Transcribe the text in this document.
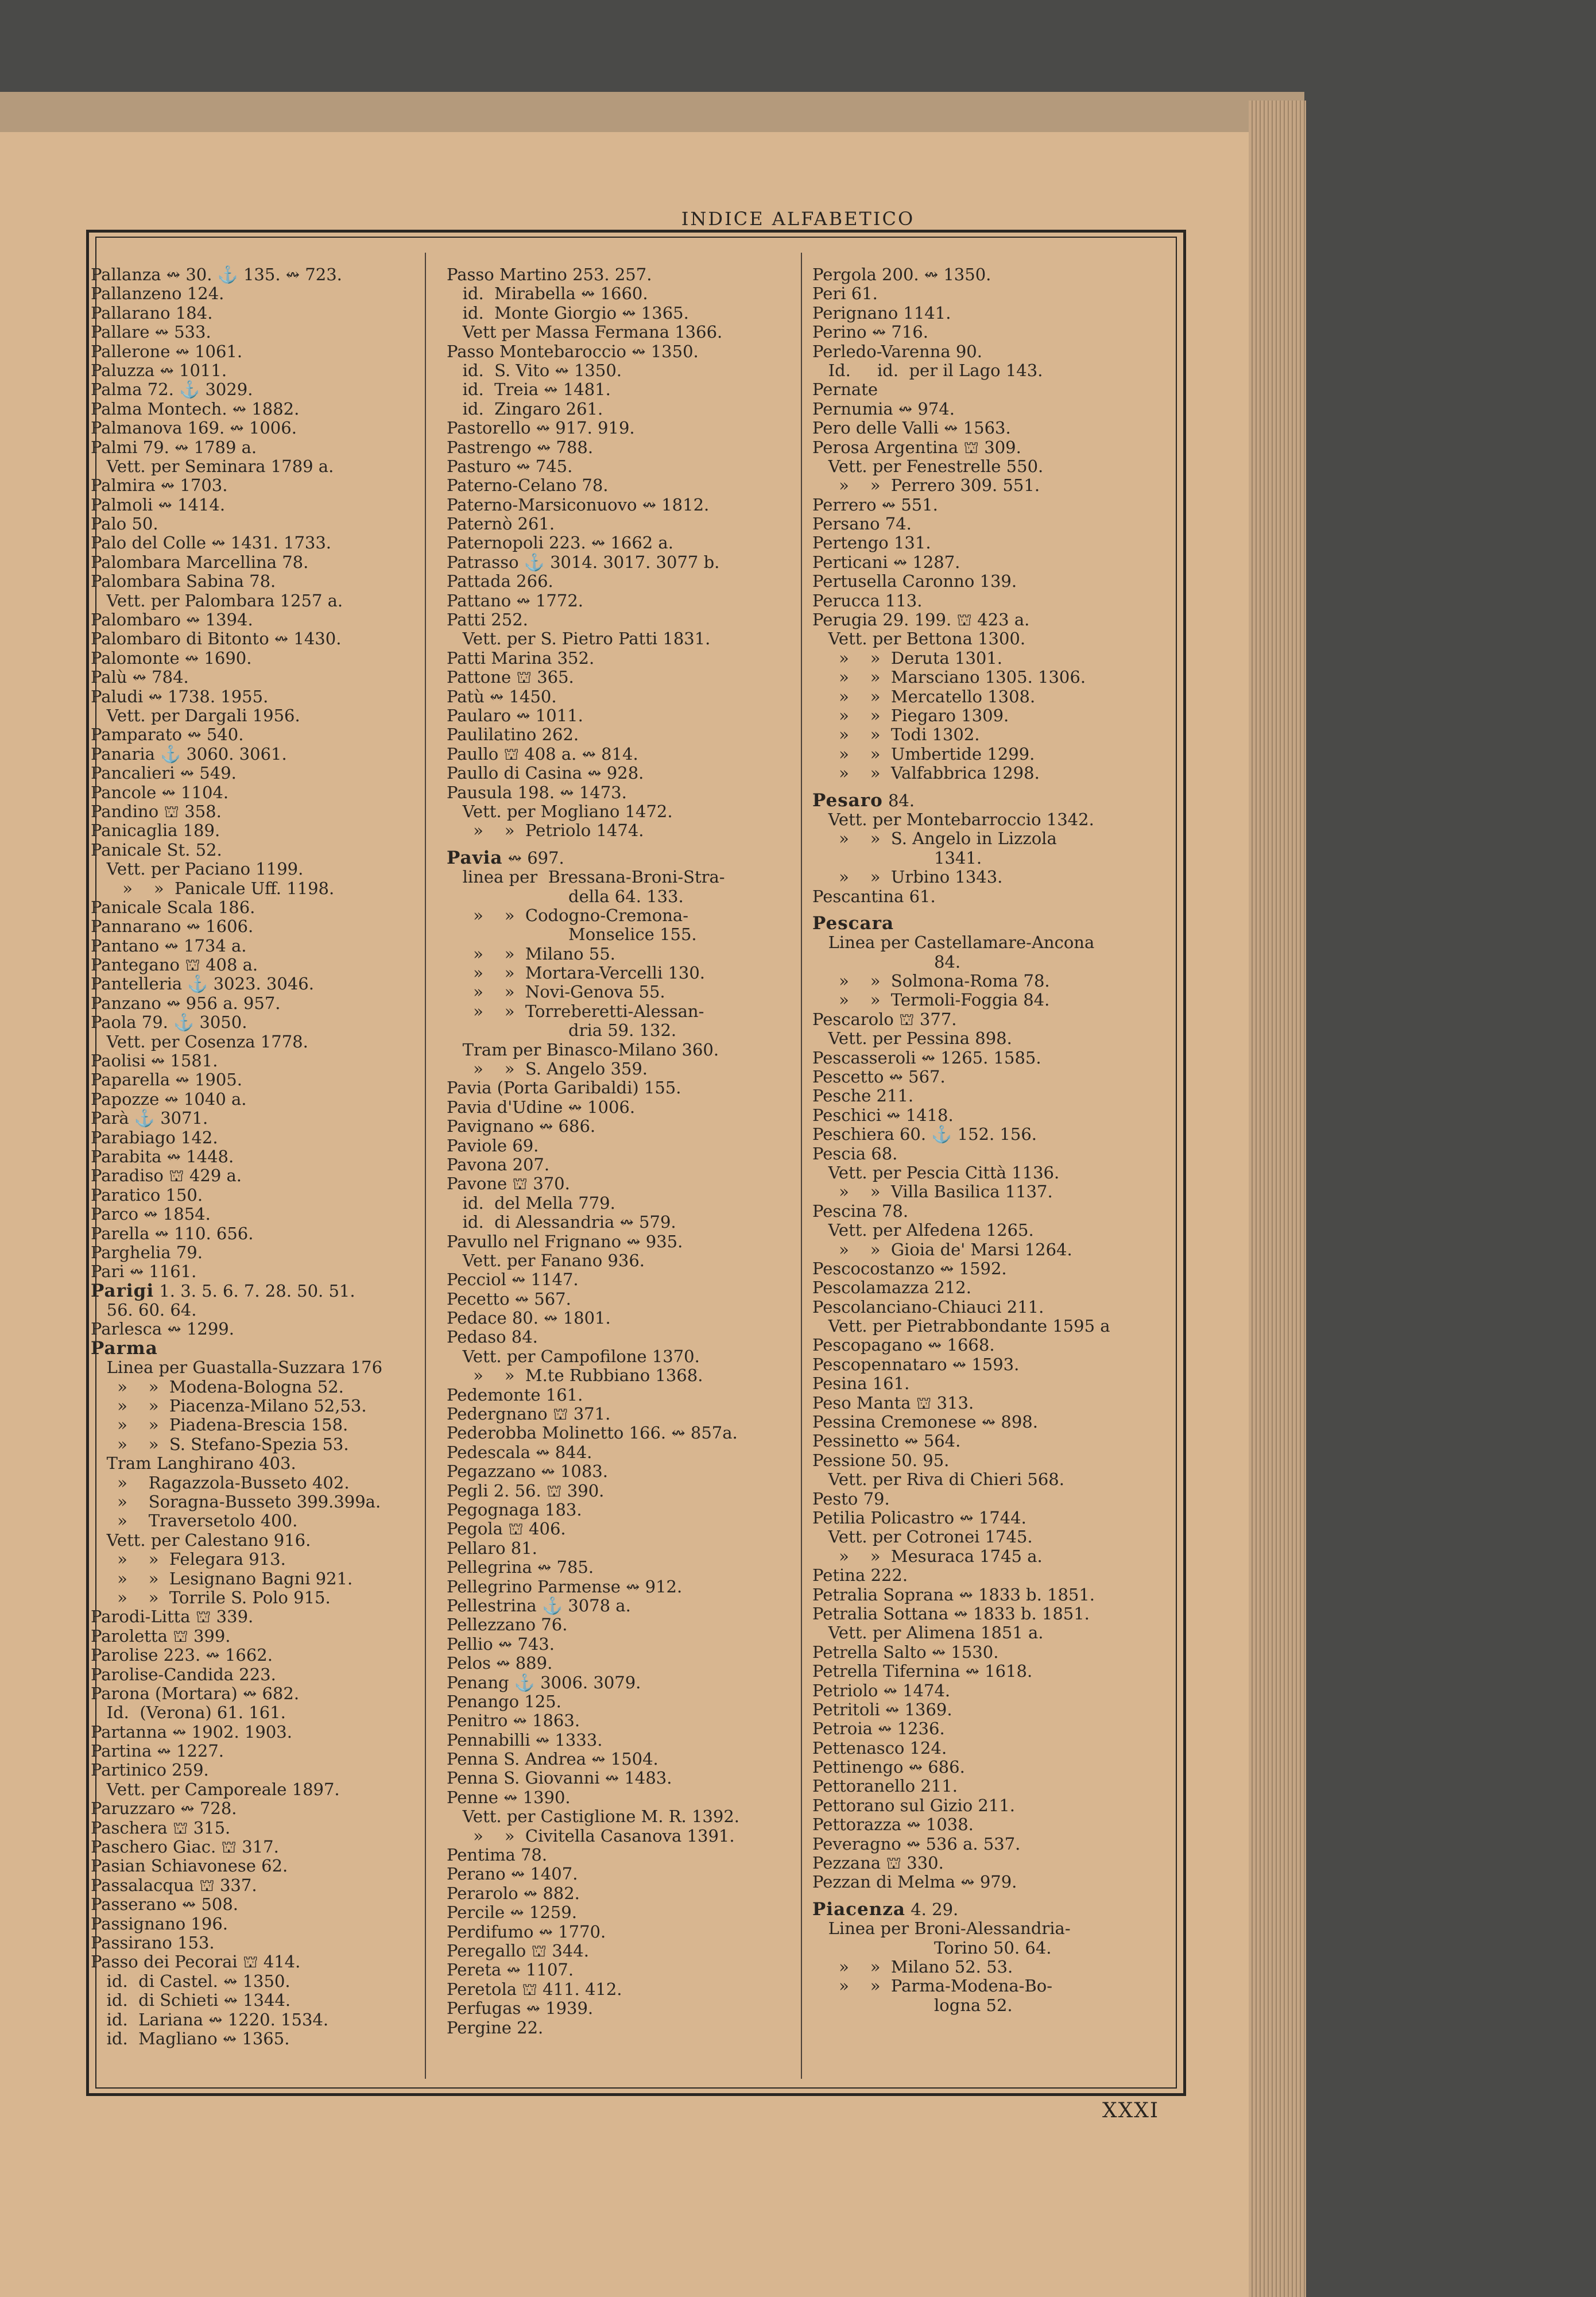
INDICE ALFABETICO
Pallanza ↭ 30. ⚓ 135. ↭ 723.
Pallanzeno 124.
Pallarano 184.
Pallare ↭ 533.
Pallerone ↭ 1061.
Paluzza ↭ 1011.
Palma 72. ⚓ 3029.
Palma Montech. ↭ 1882.
Palmanova 169. ↭ 1006.
Palmi 79. ↭ 1789 a.
Vett. per Seminara 1789 a.
Palmira ↭ 1703.
Palmoli ↭ 1414.
Palo 50.
Palo del Colle ↭ 1431. 1733.
Palombara Marcellina 78.
Palombara Sabina 78.
Vett. per Palombara 1257 a.
Palombaro ↭ 1394.
Palombaro di Bitonto ↭ 1430.
Palomonte ↭ 1690.
Palù ↭ 784.
Paludi ↭ 1738. 1955.
Vett. per Dargali 1956.
Pamparato ↭ 540.
Panaria ⚓ 3060. 3061.
Pancalieri ↭ 549.
Pancole ↭ 1104.
Pandino ⛫ 358.
Panicaglia 189.
Panicale St. 52.
Vett. per Paciano 1199.
»    »  Panicale Uff. 1198.
Panicale Scala 186.
Pannarano ↭ 1606.
Pantano ↭ 1734 a.
Pantegano ⛫ 408 a.
Pantelleria ⚓ 3023. 3046.
Panzano ↭ 956 a. 957.
Paola 79. ⚓ 3050.
Vett. per Cosenza 1778.
Paolisi ↭ 1581.
Paparella ↭ 1905.
Papozze ↭ 1040 a.
Parà ⚓ 3071.
Parabiago 142.
Parabita ↭ 1448.
Paradiso ⛫ 429 a.
Paratico 150.
Parco ↭ 1854.
Parella ↭ 110. 656.
Parghelia 79.
Pari ↭ 1161.
Parigi 1. 3. 5. 6. 7. 28. 50. 51.
56. 60. 64.
Parlesca ↭ 1299.
Parma
Linea per Guastalla-Suzzara 176
»    »  Modena-Bologna 52.
»    »  Piacenza-Milano 52,53.
»    »  Piadena-Brescia 158.
»    »  S. Stefano-Spezia 53.
Tram Langhirano 403.
»    Ragazzola-Busseto 402.
»    Soragna-Busseto 399.399a.
»    Traversetolo 400.
Vett. per Calestano 916.
»    »  Felegara 913.
»    »  Lesignano Bagni 921.
»    »  Torrile S. Polo 915.
Parodi-Litta ⛫ 339.
Paroletta ⛫ 399.
Parolise 223. ↭ 1662.
Parolise-Candida 223.
Parona (Mortara) ↭ 682.
Id.  (Verona) 61. 161.
Partanna ↭ 1902. 1903.
Partina ↭ 1227.
Partinico 259.
Vett. per Camporeale 1897.
Paruzzaro ↭ 728.
Paschera ⛫ 315.
Paschero Giac. ⛫ 317.
Pasian Schiavonese 62.
Passalacqua ⛫ 337.
Passerano ↭ 508.
Passignano 196.
Passirano 153.
Passo dei Pecorai ⛫ 414.
id.  di Castel. ↭ 1350.
id.  di Schieti ↭ 1344.
id.  Lariana ↭ 1220. 1534.
id.  Magliano ↭ 1365.
Passo Martino 253. 257.
id.  Mirabella ↭ 1660.
id.  Monte Giorgio ↭ 1365.
Vett per Massa Fermana 1366.
Passo Montebaroccio ↭ 1350.
id.  S. Vito ↭ 1350.
id.  Treia ↭ 1481.
id.  Zingaro 261.
Pastorello ↭ 917. 919.
Pastrengo ↭ 788.
Pasturo ↭ 745.
Paterno-Celano 78.
Paterno-Marsiconuovo ↭ 1812.
Paternò 261.
Paternopoli 223. ↭ 1662 a.
Patrasso ⚓ 3014. 3017. 3077 b.
Pattada 266.
Pattano ↭ 1772.
Patti 252.
Vett. per S. Pietro Patti 1831.
Patti Marina 352.
Pattone ⛫ 365.
Patù ↭ 1450.
Paularo ↭ 1011.
Paulilatino 262.
Paullo ⛫ 408 a. ↭ 814.
Paullo di Casina ↭ 928.
Pausula 198. ↭ 1473.
Vett. per Mogliano 1472.
»    »  Petriolo 1474.
Pavia ↭ 697.
linea per  Bressana-Broni-Stra-
della 64. 133.
»    »  Codogno-Cremona-
Monselice 155.
»    »  Milano 55.
»    »  Mortara-Vercelli 130.
»    »  Novi-Genova 55.
»    »  Torreberetti-Alessan-
dria 59. 132.
Tram per Binasco-Milano 360.
»    »  S. Angelo 359.
Pavia (Porta Garibaldi) 155.
Pavia d'Udine ↭ 1006.
Pavignano ↭ 686.
Paviole 69.
Pavona 207.
Pavone ⛫ 370.
id.  del Mella 779.
id.  di Alessandria ↭ 579.
Pavullo nel Frignano ↭ 935.
Vett. per Fanano 936.
Pecciol ↭ 1147.
Pecetto ↭ 567.
Pedace 80. ↭ 1801.
Pedaso 84.
Vett. per Campofilone 1370.
»    »  M.te Rubbiano 1368.
Pedemonte 161.
Pedergnano ⛫ 371.
Pederobba Molinetto 166. ↭ 857a.
Pedescala ↭ 844.
Pegazzano ↭ 1083.
Pegli 2. 56. ⛫ 390.
Pegognaga 183.
Pegola ⛫ 406.
Pellaro 81.
Pellegrina ↭ 785.
Pellegrino Parmense ↭ 912.
Pellestrina ⚓ 3078 a.
Pellezzano 76.
Pellio ↭ 743.
Pelos ↭ 889.
Penang ⚓ 3006. 3079.
Penango 125.
Penitro ↭ 1863.
Pennabilli ↭ 1333.
Penna S. Andrea ↭ 1504.
Penna S. Giovanni ↭ 1483.
Penne ↭ 1390.
Vett. per Castiglione M. R. 1392.
»    »  Civitella Casanova 1391.
Pentima 78.
Perano ↭ 1407.
Perarolo ↭ 882.
Percile ↭ 1259.
Perdifumo ↭ 1770.
Peregallo ⛫ 344.
Pereta ↭ 1107.
Peretola ⛫ 411. 412.
Perfugas ↭ 1939.
Pergine 22.
Pergola 200. ↭ 1350.
Peri 61.
Perignano 1141.
Perino ↭ 716.
Perledo-Varenna 90.
Id.     id.  per il Lago 143.
Pernate
Pernumia ↭ 974.
Pero delle Valli ↭ 1563.
Perosa Argentina ⛫ 309.
Vett. per Fenestrelle 550.
»    »  Perrero 309. 551.
Perrero ↭ 551.
Persano 74.
Pertengo 131.
Perticani ↭ 1287.
Pertusella Caronno 139.
Perucca 113.
Perugia 29. 199. ⛫ 423 a.
Vett. per Bettona 1300.
»    »  Deruta 1301.
»    »  Marsciano 1305. 1306.
»    »  Mercatello 1308.
»    »  Piegaro 1309.
»    »  Todi 1302.
»    »  Umbertide 1299.
»    »  Valfabbrica 1298.
Pesaro 84.
Vett. per Montebarroccio 1342.
»    »  S. Angelo in Lizzola
1341.
»    »  Urbino 1343.
Pescantina 61.
Pescara
Linea per Castellamare-Ancona
84.
»    »  Solmona-Roma 78.
»    »  Termoli-Foggia 84.
Pescarolo ⛫ 377.
Vett. per Pessina 898.
Pescasseroli ↭ 1265. 1585.
Pescetto ↭ 567.
Pesche 211.
Peschici ↭ 1418.
Peschiera 60. ⚓ 152. 156.
Pescia 68.
Vett. per Pescia Città 1136.
»    »  Villa Basilica 1137.
Pescina 78.
Vett. per Alfedena 1265.
»    »  Gioia de' Marsi 1264.
Pescocostanzo ↭ 1592.
Pescolamazza 212.
Pescolanciano-Chiauci 211.
Vett. per Pietrabbondante 1595 a
Pescopagano ↭ 1668.
Pescopennataro ↭ 1593.
Pesina 161.
Peso Manta ⛫ 313.
Pessina Cremonese ↭ 898.
Pessinetto ↭ 564.
Pessione 50. 95.
Vett. per Riva di Chieri 568.
Pesto 79.
Petilia Policastro ↭ 1744.
Vett. per Cotronei 1745.
»    »  Mesuraca 1745 a.
Petina 222.
Petralia Soprana ↭ 1833 b. 1851.
Petralia Sottana ↭ 1833 b. 1851.
Vett. per Alimena 1851 a.
Petrella Salto ↭ 1530.
Petrella Tifernina ↭ 1618.
Petriolo ↭ 1474.
Petritoli ↭ 1369.
Petroia ↭ 1236.
Pettenasco 124.
Pettinengo ↭ 686.
Pettoranello 211.
Pettorano sul Gizio 211.
Pettorazza ↭ 1038.
Peveragno ↭ 536 a. 537.
Pezzana ⛫ 330.
Pezzan di Melma ↭ 979.
Piacenza 4. 29.
Linea per Broni-Alessandria-
Torino 50. 64.
»    »  Milano 52. 53.
»    »  Parma-Modena-Bo-
logna 52.
XXXI
